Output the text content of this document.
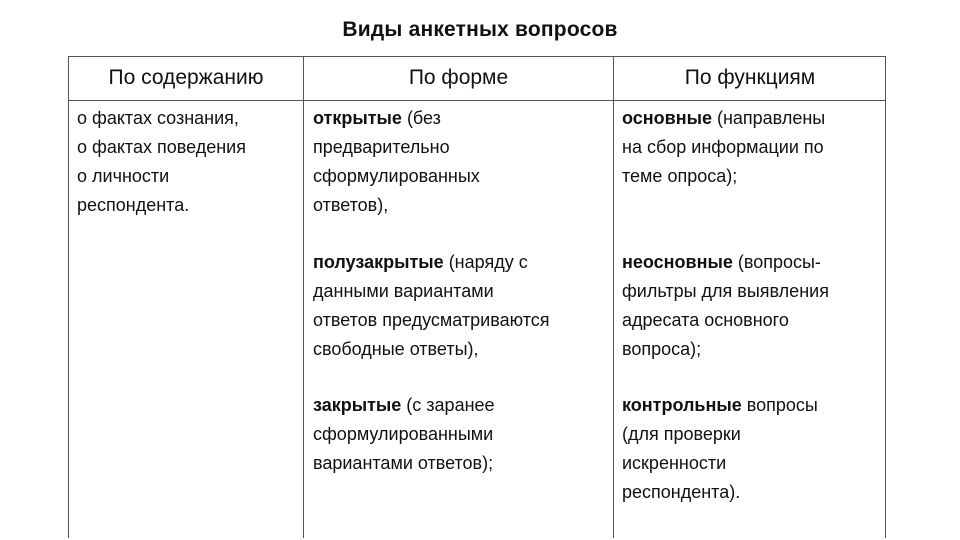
Виды анкетных вопросов
По содержанию	По форме	По функциям
о фактах сознания,
о фактах поведения
о личности
респондента.
открытые (без
предварительно
сформулированных
ответов),
полузакрытые (наряду с
данными вариантами
ответов предусматриваются
свободные ответы),
закрытые (с заранее
сформулированными
вариантами ответов);
основные (направлены
на сбор информации по
теме опроса);
неосновные (вопросы-
фильтры для выявления
адресата основного
вопроса);
контрольные вопросы
(для проверки
искренности
респондента).
